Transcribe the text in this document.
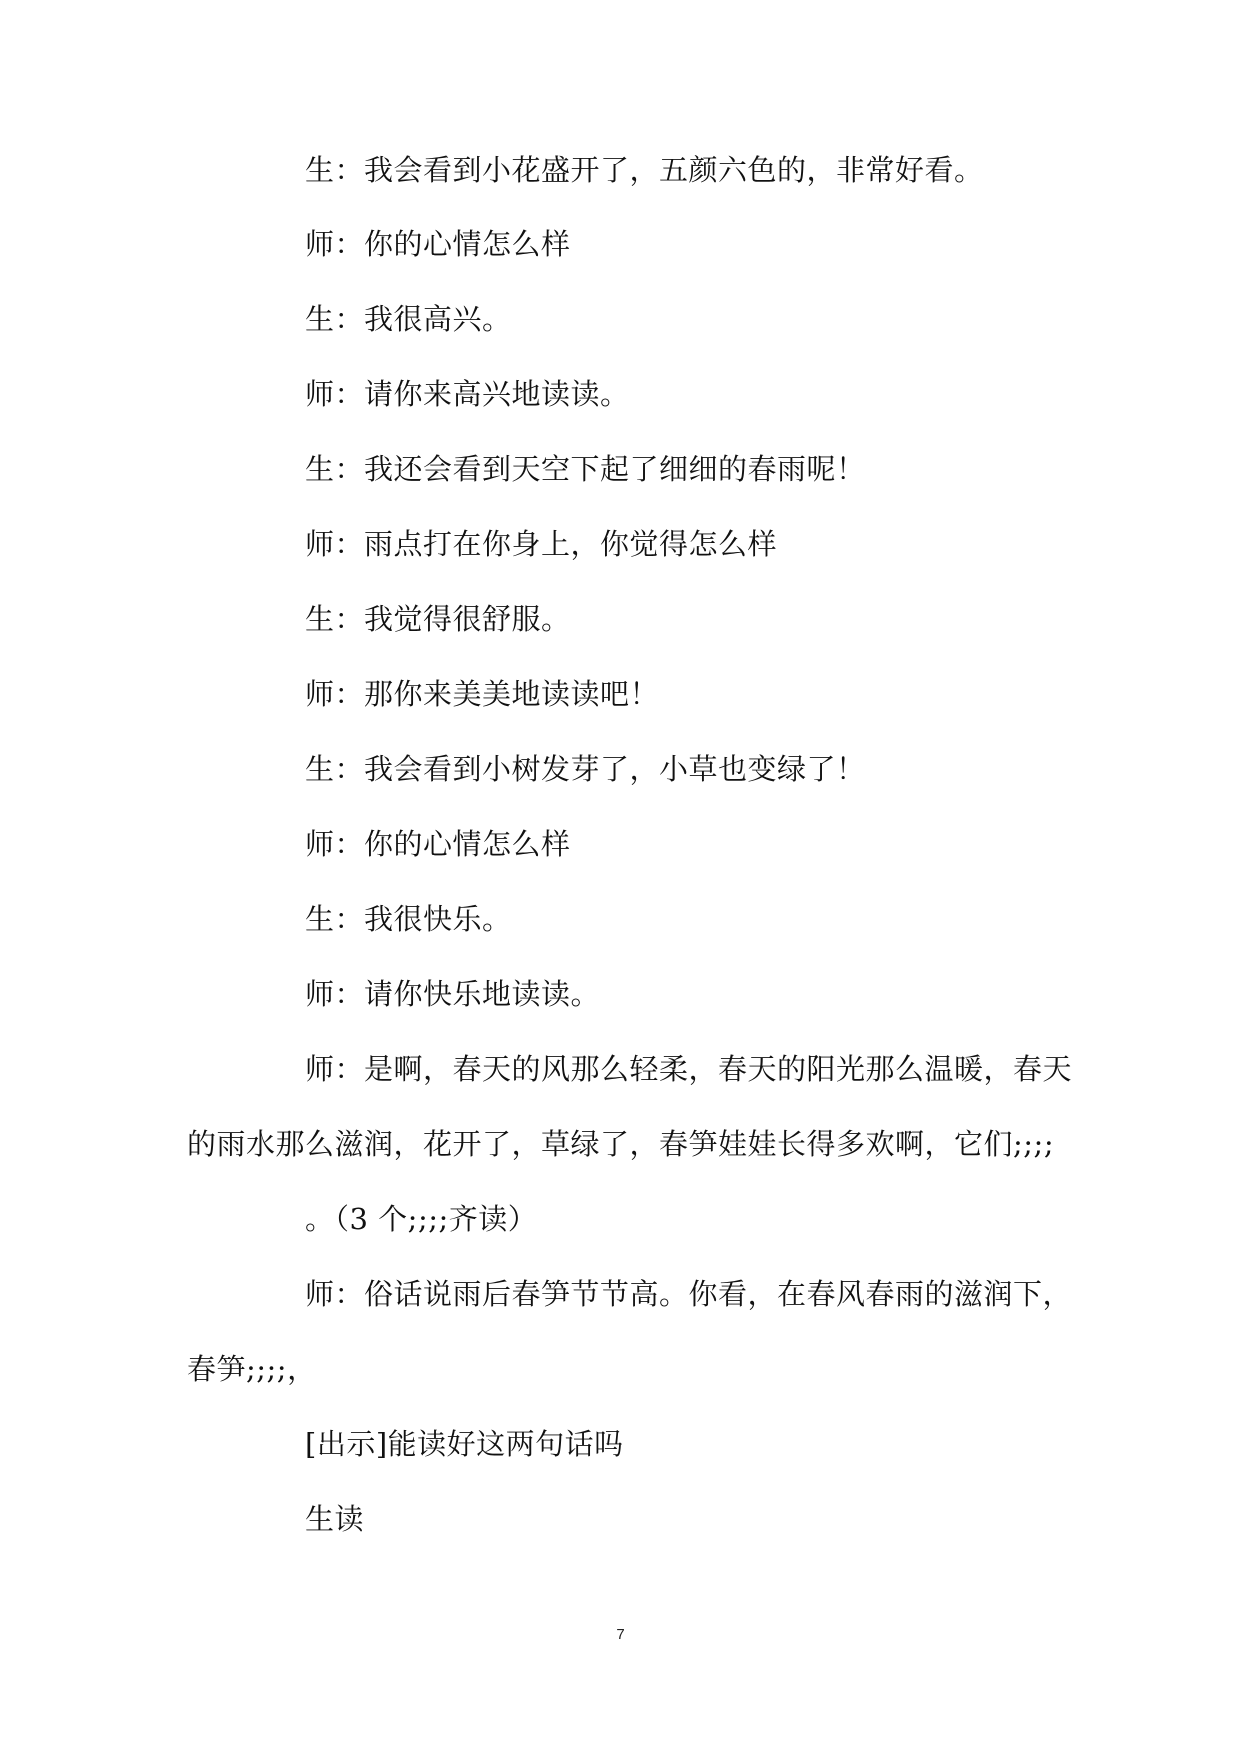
生：我会看到小花盛开了，五颜六色的，非常好看。

师：你的心情怎么样

生：我很高兴。

师：请你来高兴地读读。

生：我还会看到天空下起了细细的春雨呢！

师：雨点打在你身上，你觉得怎么样

生：我觉得很舒服。

师：那你来美美地读读吧！

生：我会看到小树发芽了，小草也变绿了！

师：你的心情怎么样

生：我很快乐。

师：请你快乐地读读。

师：是啊，春天的风那么轻柔，春天的阳光那么温暖，春天

的雨水那么滋润，花开了，草绿了，春笋娃娃长得多欢啊，它们;;;;

。（3 个;;;;齐读）

师：俗话说雨后春笋节节高。你看，在春风春雨的滋润下，

春笋;;;;，

[出示]能读好这两句话吗

生读

7
